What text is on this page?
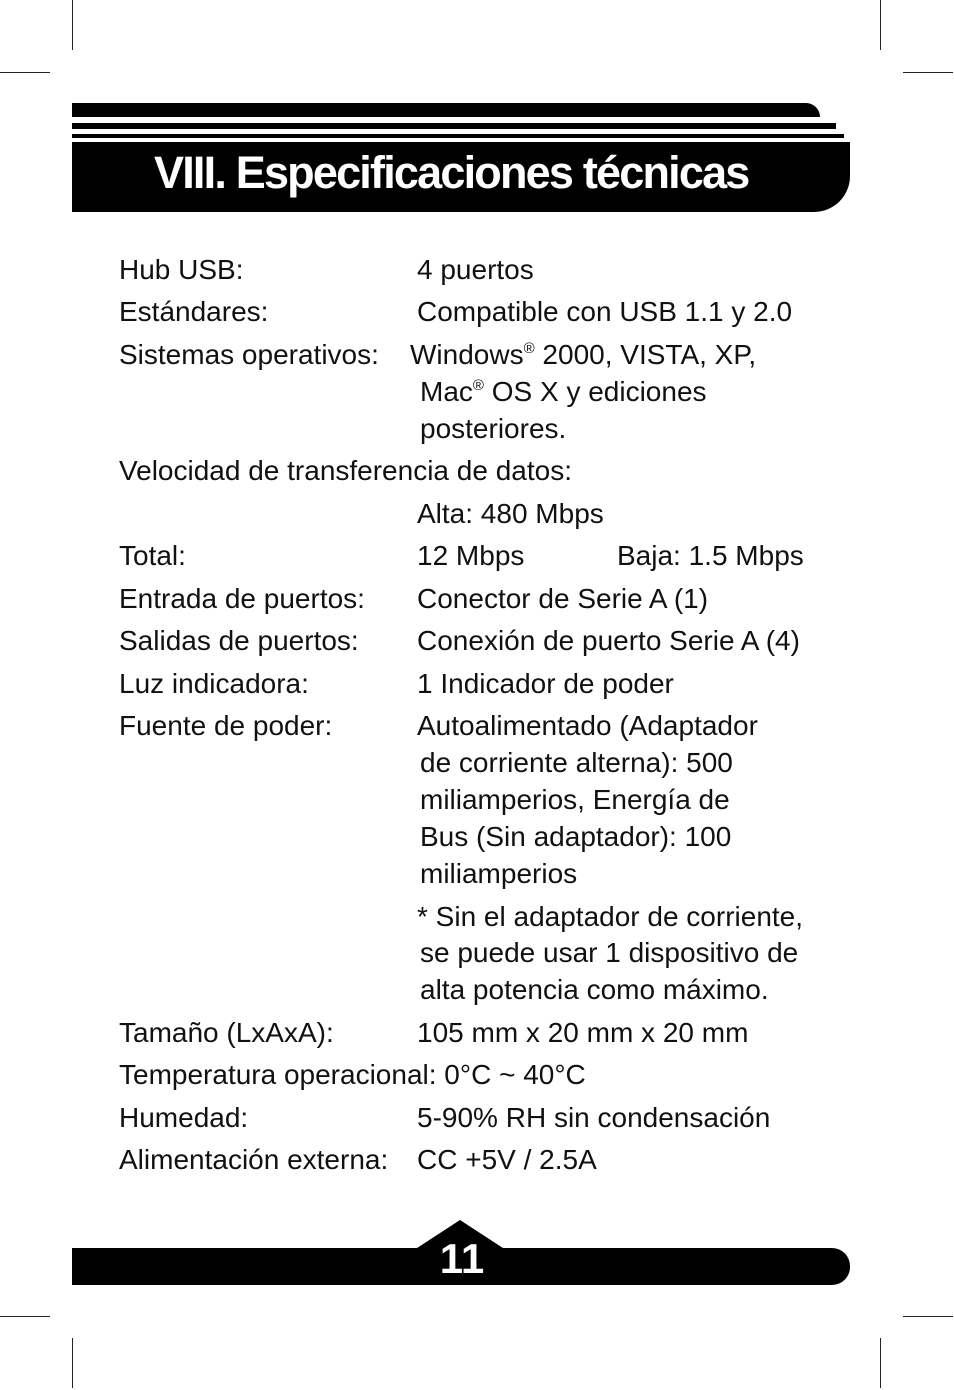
VIII. Especificaciones técnicas
Hub USB:	4 puertos
Estándares:	Compatible con USB 1.1 y 2.0
Sistemas operativos: Windows® 2000, VISTA, XP,
Mac® OS X y ediciones
posteriores.
Velocidad de transferencia de datos:
Alta: 480 Mbps
Total:	12 Mbps	Baja: 1.5 Mbps
Entrada de puertos: Conector de Serie A (1)
Salidas de puertos: Conexión de puerto Serie A (4)
Luz indicadora:	1 Indicador de poder
Fuente de poder:	Autoalimentado (Adaptador
de corriente alterna): 500
miliamperios, Energía de
Bus (Sin adaptador): 100
miliamperios
* Sin el adaptador de corriente,
se puede usar 1 dispositivo de
alta potencia como máximo.
Tamaño (LxAxA):	105 mm x 20 mm x 20 mm
Temperatura operacional: 0°C ~ 40°C
Humedad:	5-90% RH sin condensación
Alimentación externa: CC +5V / 2.5A
11
